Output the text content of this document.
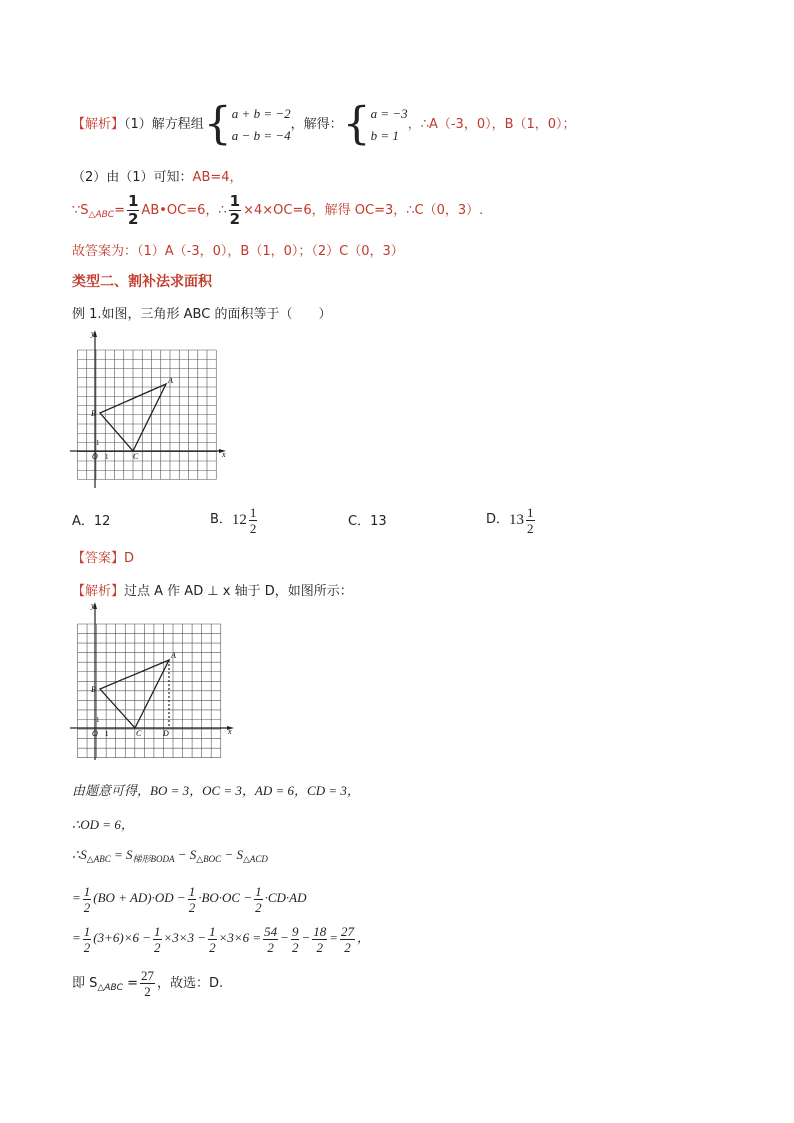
【解析】（1）解方程组{ a + b = −2
a − b = −4
，解得：{ a = −3
b = 1
，∴A（-3，0），B（1，0）；
（2）由（1）可知：AB=4，
$\because S_{\triangle ABC}= \frac{1}{2}$ AB•OC=6，∴ $\frac{1}{2} \times 4\times OC=6$，解得 OC=3，∴C（0，3）.
故答案为：（1）A（-3，0），B（1，0）；（2）C（0，3）
类型二、割补法求面积
例 1.如图，三角形 ABC 的面积等于（　　）
A
B
C
O 1
1
x
y
A．12	B．$12 \frac{1}{2}$	C．13	D．$13 \frac{1}{2}$
【答案】D
【解析】过点 A 作 AD ⊥ x 轴于 D，如图所示：
A
B
C	D
O 1
1
x
y
由题意可得，BO = 3，OC = 3，AD = 6，CD = 3，
∴OD = 6，
$\therefore S_{\triangle ABC} = S_{梯形BODA} - S_{\triangle BOC} - S_{\triangle ACD}$
= $\frac{1}{2} (BO + AD)\cdot OD - \frac{1}{2} \cdot BO\cdot OC - \frac{1}{2} \cdot CD\cdot AD$
= $\frac{1}{2} (3+6)\times 6 - \frac{1}{2} \times 3\times 3 - \frac{1}{2} \times 3\times 6 = \frac{54}{2} - \frac{9}{2} - \frac{18}{2} = \frac{27}{2}$ ，
即 $S_{\triangle ABC} = \frac{27}{2}$ ，故选：D.
